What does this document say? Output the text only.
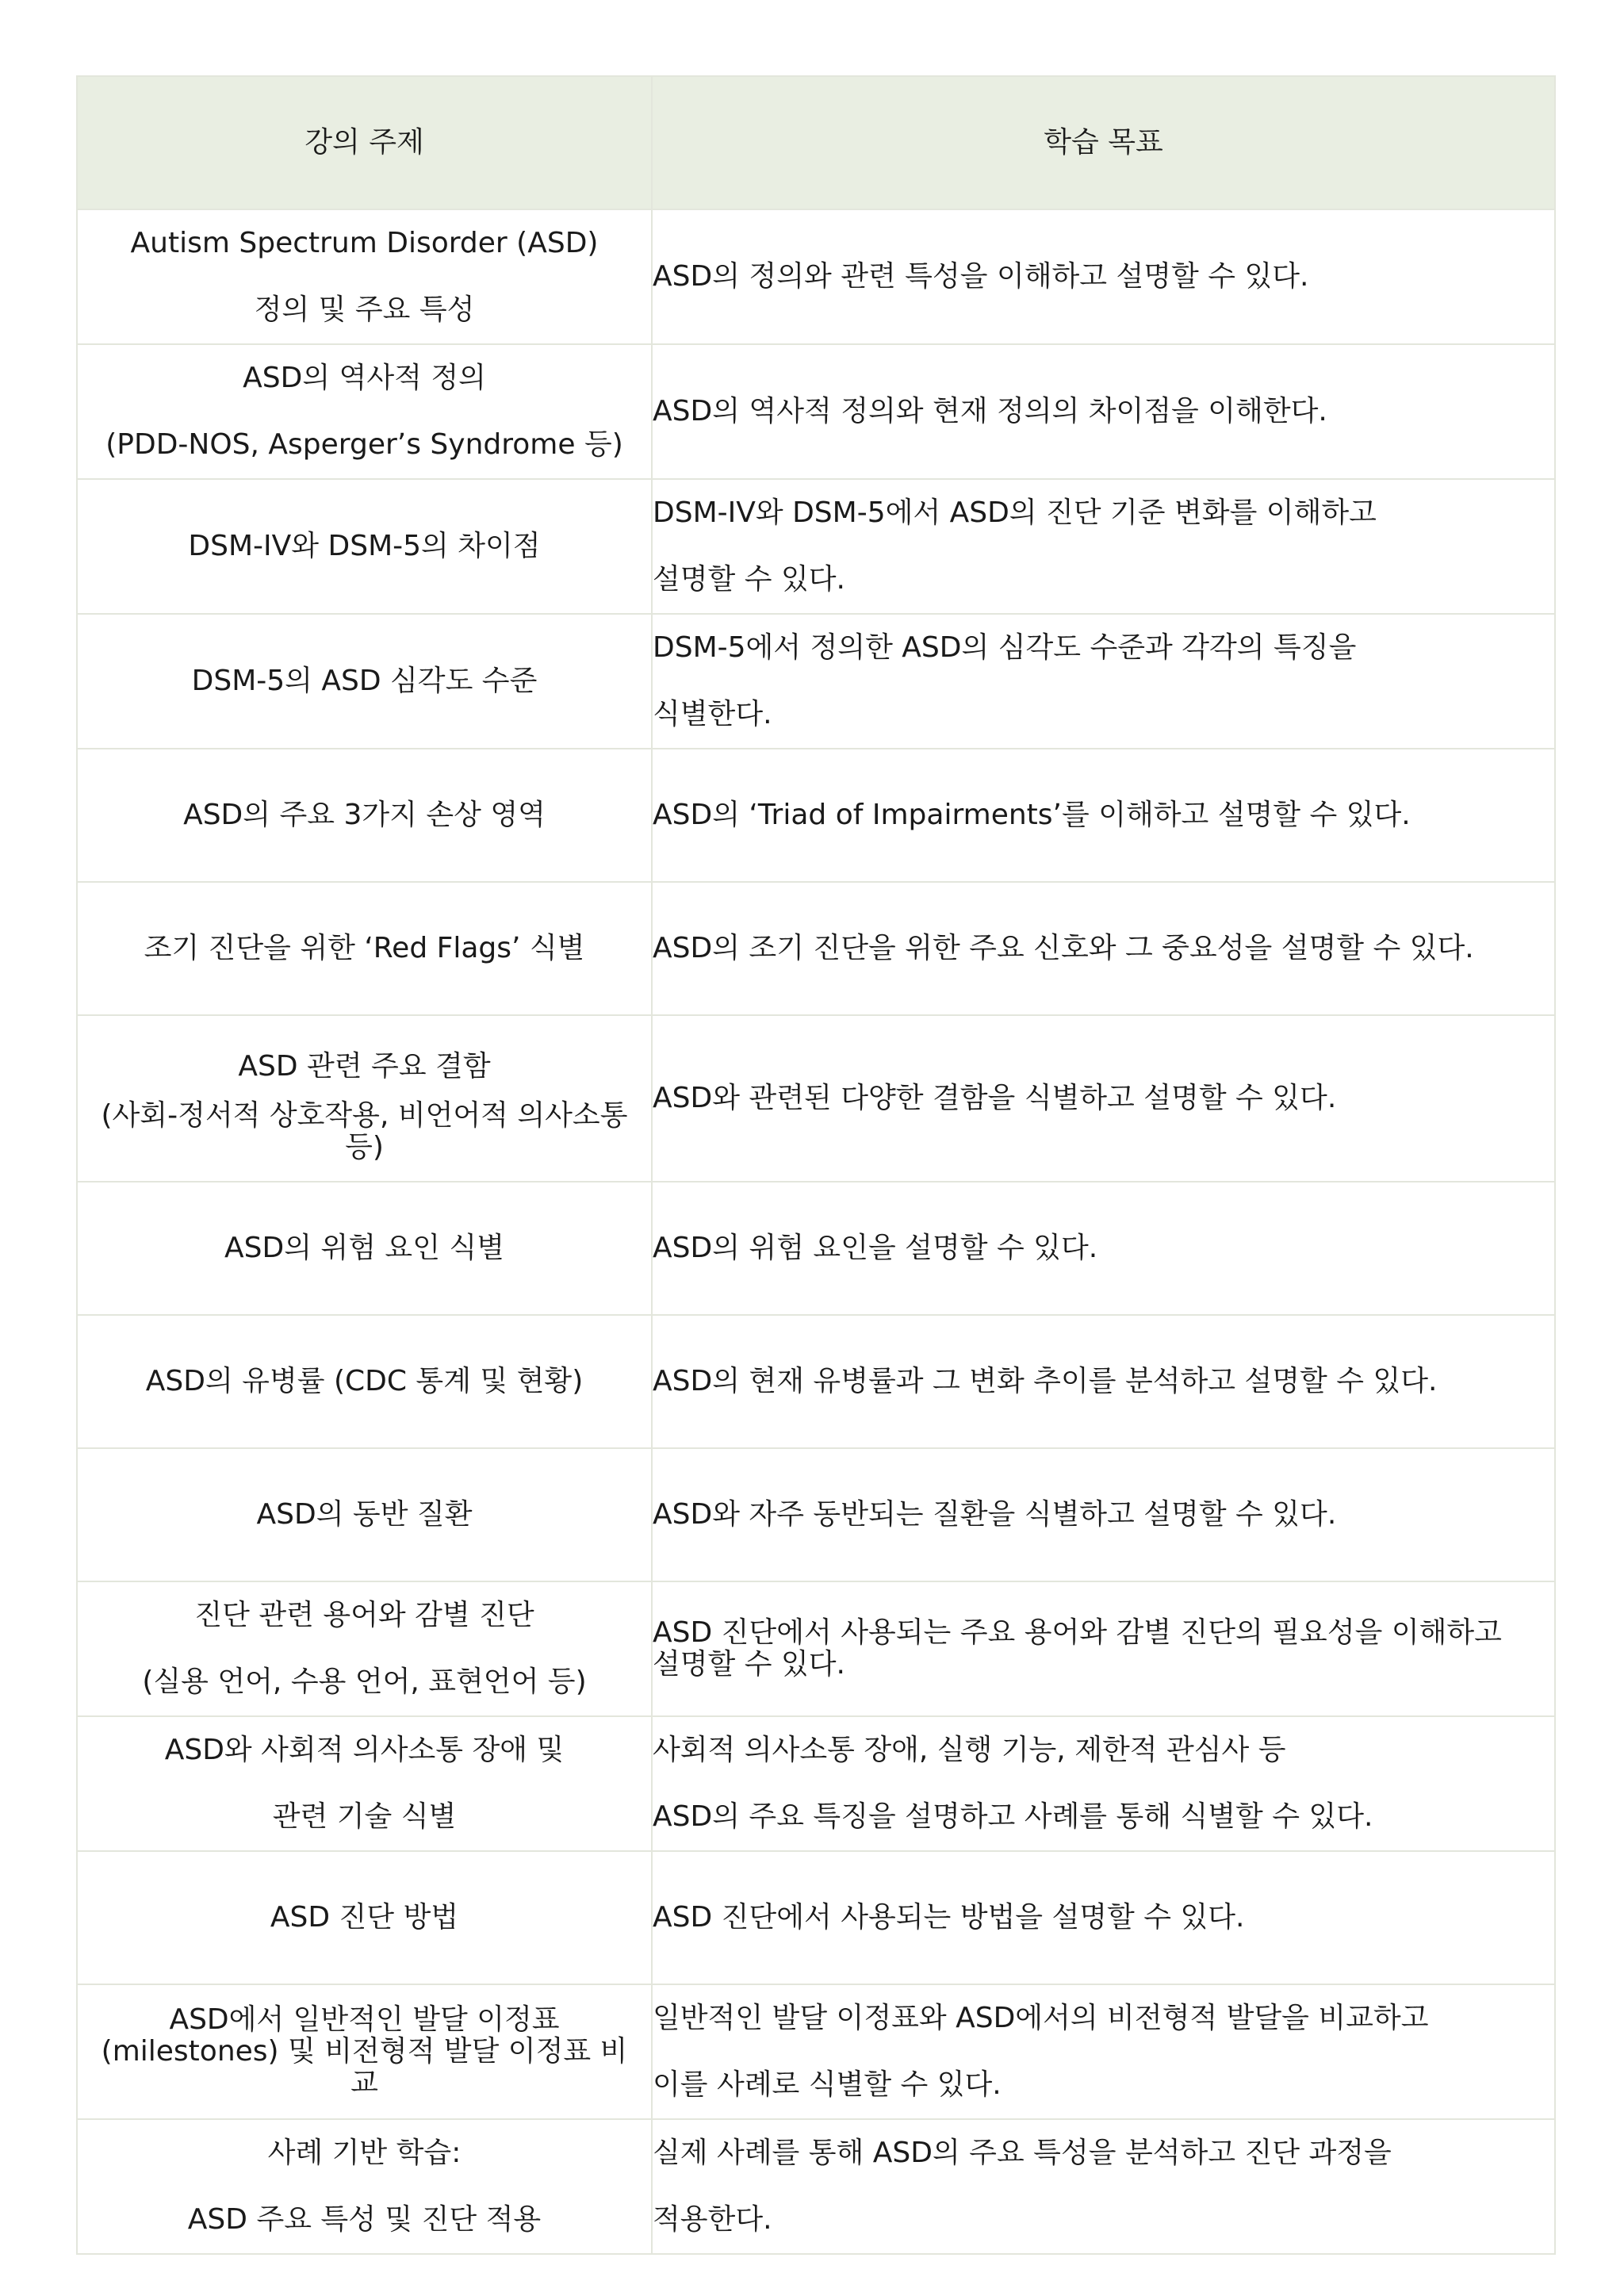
강의 주제	학습 목표

Autism Spectrum Disorder (ASD)
정의 및 주요 특성	ASD의 정의와 관련 특성을 이해하고 설명할 수 있다.

ASD의 역사적 정의
(PDD-NOS, Asperger’s Syndrome 등)	ASD의 역사적 정의와 현재 정의의 차이점을 이해한다.

DSM-IV와 DSM-5의 차이점	DSM-IV와 DSM-5에서 ASD의 진단 기준 변화를 이해하고
설명할 수 있다.

DSM-5의 ASD 심각도 수준	DSM-5에서 정의한 ASD의 심각도 수준과 각각의 특징을
식별한다.

ASD의 주요 3가지 손상 영역	ASD의 ‘Triad of Impairments’를 이해하고 설명할 수 있다.

조기 진단을 위한 ‘Red Flags’ 식별	ASD의 조기 진단을 위한 주요 신호와 그 중요성을 설명할 수 있다.

ASD 관련 주요 결함
(사회-정서적 상호작용, 비언어적 의사소통
등)	ASD와 관련된 다양한 결함을 식별하고 설명할 수 있다.

ASD의 위험 요인 식별	ASD의 위험 요인을 설명할 수 있다.

ASD의 유병률 (CDC 통계 및 현황)	ASD의 현재 유병률과 그 변화 추이를 분석하고 설명할 수 있다.

ASD의 동반 질환	ASD와 자주 동반되는 질환을 식별하고 설명할 수 있다.

진단 관련 용어와 감별 진단
(실용 언어, 수용 언어, 표현언어 등)	ASD 진단에서 사용되는 주요 용어와 감별 진단의 필요성을 이해하고
설명할 수 있다.

ASD와 사회적 의사소통 장애 및
관련 기술 식별	사회적 의사소통 장애, 실행 기능, 제한적 관심사 등
ASD의 주요 특징을 설명하고 사례를 통해 식별할 수 있다.

ASD 진단 방법	ASD 진단에서 사용되는 방법을 설명할 수 있다.

ASD에서 일반적인 발달 이정표
(milestones) 및 비전형적 발달 이정표 비
교	일반적인 발달 이정표와 ASD에서의 비전형적 발달을 비교하고
이를 사례로 식별할 수 있다.

사례 기반 학습:
ASD 주요 특성 및 진단 적용	실제 사례를 통해 ASD의 주요 특성을 분석하고 진단 과정을
적용한다.
